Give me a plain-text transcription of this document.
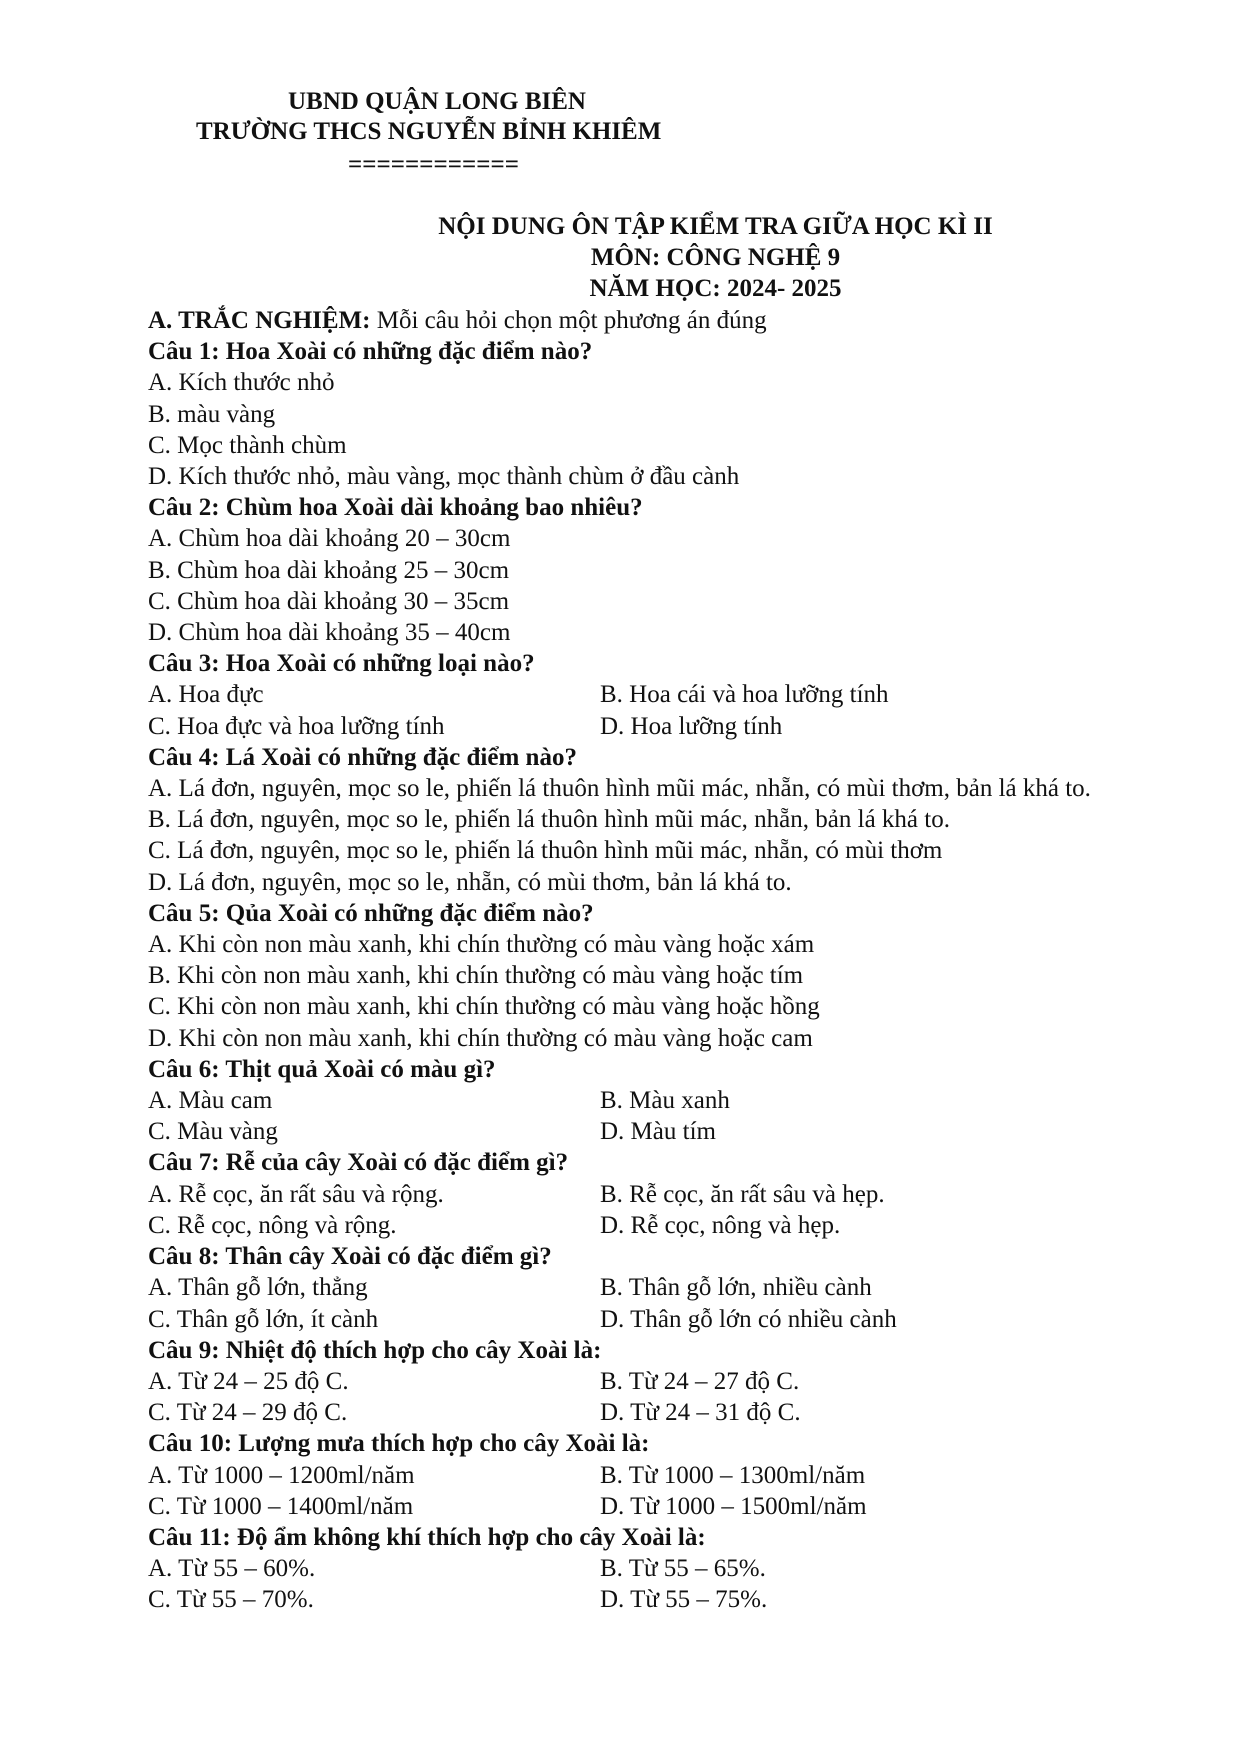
UBND QUẬN LONG BIÊN
TRƯỜNG THCS NGUYỄN BỈNH KHIÊM
============
NỘI DUNG ÔN TẬP KIỂM TRA GIỮA HỌC KÌ II
MÔN: CÔNG NGHỆ 9
NĂM HỌC: 2024- 2025
A. TRẮC NGHIỆM: Mỗi câu hỏi chọn một phương án đúng
Câu 1: Hoa Xoài có những đặc điểm nào?
A. Kích thước nhỏ
B. màu vàng
C. Mọc thành chùm
D. Kích thước nhỏ, màu vàng, mọc thành chùm ở đầu cành
Câu 2: Chùm hoa Xoài dài khoảng bao nhiêu?
A. Chùm hoa dài khoảng 20 – 30cm
B. Chùm hoa dài khoảng 25 – 30cm
C. Chùm hoa dài khoảng 30 – 35cm
D. Chùm hoa dài khoảng 35 – 40cm
Câu 3: Hoa Xoài có những loại nào?
A. Hoa đực	B. Hoa cái và hoa lưỡng tính
C. Hoa đực và hoa lưỡng tính	D. Hoa lưỡng tính
Câu 4: Lá Xoài có những đặc điểm nào?
A. Lá đơn, nguyên, mọc so le, phiến lá thuôn hình mũi mác, nhẵn, có mùi thơm, bản lá khá to.
B. Lá đơn, nguyên, mọc so le, phiến lá thuôn hình mũi mác, nhẵn, bản lá khá to.
C. Lá đơn, nguyên, mọc so le, phiến lá thuôn hình mũi mác, nhẵn, có mùi thơm
D. Lá đơn, nguyên, mọc so le, nhẵn, có mùi thơm, bản lá khá to.
Câu 5: Qủa Xoài có những đặc điểm nào?
A. Khi còn non màu xanh, khi chín thường có màu vàng hoặc xám
B. Khi còn non màu xanh, khi chín thường có màu vàng hoặc tím
C. Khi còn non màu xanh, khi chín thường có màu vàng hoặc hồng
D. Khi còn non màu xanh, khi chín thường có màu vàng hoặc cam
Câu 6: Thịt quả Xoài có màu gì?
A. Màu cam	B. Màu xanh
C. Màu vàng	D. Màu tím
Câu 7: Rễ của cây Xoài có đặc điểm gì?
A. Rễ cọc, ăn rất sâu và rộng.	B. Rễ cọc, ăn rất sâu và hẹp.
C. Rễ cọc, nông và rộng.	D. Rễ cọc, nông và hẹp.
Câu 8: Thân cây Xoài có đặc điểm gì?
A. Thân gỗ lớn, thẳng	B. Thân gỗ lớn, nhiều cành
C. Thân gỗ lớn, ít cành	D. Thân gỗ lớn có nhiều cành
Câu 9: Nhiệt độ thích hợp cho cây Xoài là:
A. Từ 24 – 25 độ C.	B. Từ 24 – 27 độ C.
C. Từ 24 – 29 độ C.	D. Từ 24 – 31 độ C.
Câu 10: Lượng mưa thích hợp cho cây Xoài là:
A. Từ 1000 – 1200ml/năm	B. Từ 1000 – 1300ml/năm
C. Từ 1000 – 1400ml/năm	D. Từ 1000 – 1500ml/năm
Câu 11: Độ ẩm không khí thích hợp cho cây Xoài là:
A. Từ 55 – 60%.	B. Từ 55 – 65%.
C. Từ 55 – 70%.	D. Từ 55 – 75%.
